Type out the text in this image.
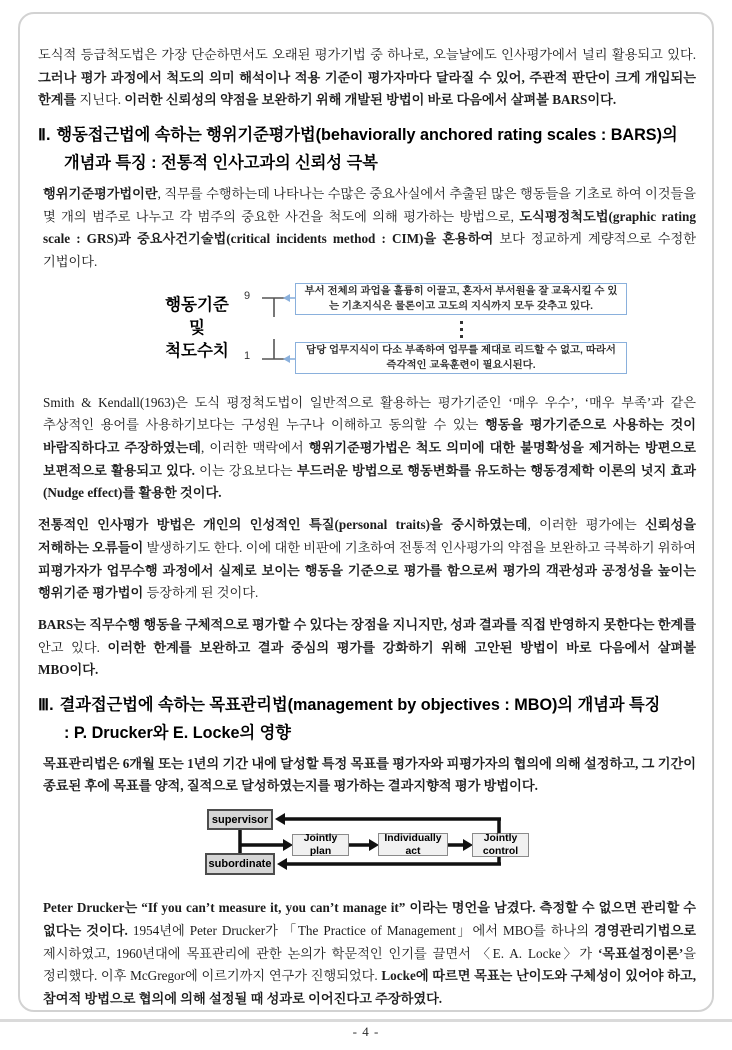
도식적 등급척도법은 가장 단순하면서도 오래된 평가기법 중 하나로, 오늘날에도 인사평가에서 널리 활용되고 있다. 그러나 평가 과정에서 척도의 의미 해석이나 적용 기준이 평가자마다 달라질 수 있어, 주관적 판단이 크게 개입되는 한계를 지닌다. 이러한 신뢰성의 약점을 보완하기 위해 개발된 방법이 바로 다음에서 살펴볼 BARS이다.

Ⅱ. 행동접근법에 속하는 행위기준평가법(behaviorally anchored rating scales : BARS)의
개념과 특징 : 전통적 인사고과의 신뢰성 극복

행위기준평가법이란, 직무를 수행하는데 나타나는 수많은 중요사실에서 추출된 많은 행동들을 기초로 하여 이것들을 몇 개의 범주로 나누고 각 범주의 중요한 사건을 척도에 의해 평가하는 방법으로, 도식평정척도법(graphic rating scale : GRS)과 중요사건기술법(critical incidents method : CIM)을 혼용하여 보다 정교하게 계량적으로 수정한 기법이다.

행동기준
및
척도수치
9
1
부서 전체의 과업을 훌륭히 이끌고, 혼자서 부서원을 잘 교육시킬 수 있는 기초지식은 물론이고 고도의 지식까지 모두 갖추고 있다.
담당 업무지식이 다소 부족하여 업무를 제대로 리드할 수 없고, 따라서 즉각적인 교육훈련이 필요시된다.

Smith & Kendall(1963)은 도식 평정척도법이 일반적으로 활용하는 평가기준인 ‘매우 우수’, ‘매우 부족’과 같은 추상적인 용어를 사용하기보다는 구성원 누구나 이해하고 동의할 수 있는 행동을 평가기준으로 사용하는 것이 바람직하다고 주장하였는데, 이러한 맥락에서 행위기준평가법은 척도 의미에 대한 불명확성을 제거하는 방편으로 보편적으로 활용되고 있다. 이는 강요보다는 부드러운 방법으로 행동변화를 유도하는 행동경제학 이론의 넛지 효과(Nudge effect)를 활용한 것이다.

전통적인 인사평가 방법은 개인의 인성적인 특질(personal traits)을 중시하였는데, 이러한 평가에는 신뢰성을 저해하는 오류들이 발생하기도 한다. 이에 대한 비판에 기초하여 전통적 인사평가의 약점을 보완하고 극복하기 위하여 피평가자가 업무수행 과정에서 실제로 보이는 행동을 기준으로 평가를 함으로써 평가의 객관성과 공정성을 높이는 행위기준 평가법이 등장하게 된 것이다.

BARS는 직무수행 행동을 구체적으로 평가할 수 있다는 장점을 지니지만, 성과 결과를 직접 반영하지 못한다는 한계를 안고 있다. 이러한 한계를 보완하고 결과 중심의 평가를 강화하기 위해 고안된 방법이 바로 다음에서 살펴볼 MBO이다.

Ⅲ. 결과접근법에 속하는 목표관리법(management by objectives : MBO)의 개념과 특징
: P. Drucker와 E. Locke의 영향

목표관리법은 6개월 또는 1년의 기간 내에 달성할 특정 목표를 평가자와 피평가자의 협의에 의해 설정하고, 그 기간이 종료된 후에 목표를 양적, 질적으로 달성하였는지를 평가하는 결과지향적 평가 방법이다.

supervisor
subordinate
Jointly plan
Individually act
Jointly control

Peter Drucker는 “If you can’t measure it, you can’t manage it” 이라는 명언을 남겼다. 측정할 수 없으면 관리할 수 없다는 것이다. 1954년에 Peter Drucker가 「The Practice of Management」에서 MBO를 하나의 경영관리기법으로 제시하였고, 1960년대에 목표관리에 관한 논의가 학문적인 인기를 끌면서 〈E. A. Locke〉가 ‘목표설정이론’을 정리했다. 이후 McGregor에 이르기까지 연구가 진행되었다. Locke에 따르면 목표는 난이도와 구체성이 있어야 하고, 참여적 방법으로 협의에 의해 설정될 때 성과로 이어진다고 주장하였다.

- 4 -
